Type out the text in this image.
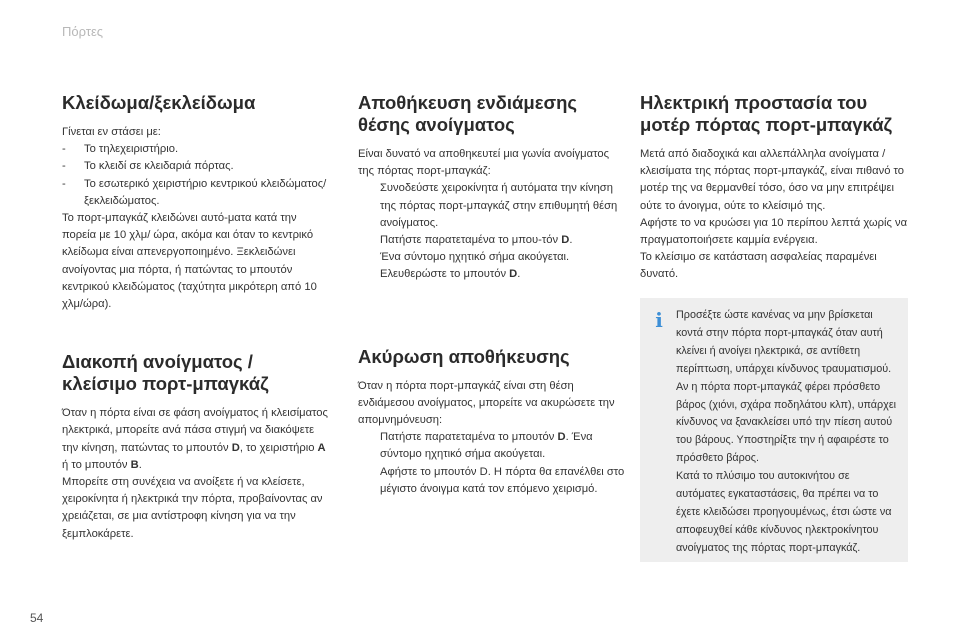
Πόρτες
Κλείδωμα/ξεκλείδωμα

Γίνεται εν στάσει με:

- Το τηλεχειριστήριο.
- Το κλειδί σε κλειδαριά πόρτας.
- Το εσωτερικό χειριστήριο κεντρικού κλειδώματος/ξεκλειδώματος.

Το πορτ-μπαγκάζ κλειδώνει αυτό-ματα κατά την πορεία με 10 χλμ/ ώρα, ακόμα και όταν το κεντρικό κλείδωμα είναι απενεργοποιημένο. Ξεκλειδώνει ανοίγοντας μια πόρτα, ή πατώντας το μπουτόν κεντρικού κλειδώματος (ταχύτητα μικρότερη από 10 χλμ/ώρα).

Διακοπή ανοίγματος / κλείσιμο πορτ-μπαγκάζ

Όταν η πόρτα είναι σε φάση ανοίγματος ή κλεισίματος ηλεκτρικά, μπορείτε ανά πάσα στιγμή να διακόψετε την κίνηση, πατώντας το μπουτόν D, το χειριστήριο A ή το μπουτόν B.

Μπορείτε στη συνέχεια να ανοίξετε ή να κλείσετε, χειροκίνητα ή ηλεκτρικά την πόρτα, προβαίνοντας αν χρειάζεται, σε μια αντίστροφη κίνηση για να την ξεμπλοκάρετε.

Αποθήκευση ενδιάμεσης θέσης ανοίγματος

Είναι δυνατό να αποθηκευτεί μια γωνία ανοίγματος της πόρτας πορτ-μπαγκάζ:

Συνοδεύστε χειροκίνητα ή αυτόματα την κίνηση της πόρτας πορτ-μπαγκάζ στην επιθυμητή θέση ανοίγματος.
Πατήστε παρατεταμένα το μπου-τόν D.
Ένα σύντομο ηχητικό σήμα ακούγεται.
Ελευθερώστε το μπουτόν D.
Ακύρωση αποθήκευσης

Όταν η πόρτα πορτ-μπαγκάζ είναι στη θέση ενδιάμεσου ανοίγματος, μπορείτε να ακυρώσετε την απομνημόνευση:

Πατήστε παρατεταμένα το μπουτόν D. Ένα σύντομο ηχητικό σήμα ακούγεται.
Αφήστε το μπουτόν D. Η πόρτα θα επανέλθει στο μέγιστο άνοιγμα κατά τον επόμενο χειρισμό.
Ηλεκτρική προστασία του μοτέρ πόρτας πορτ-μπαγκάζ

Μετά από διαδοχικά και αλλεπάλληλα ανοίγματα / κλεισίματα της πόρτας πορτ-μπαγκάζ, είναι πιθανό το μοτέρ της να θερμανθεί τόσο, όσο να μην επιτρέψει ούτε το άνοιγμα, ούτε το κλείσιμό της.

Αφήστε το να κρυώσει για 10 περίπου λεπτά χωρίς να πραγματοποιήσετε καμμία ενέργεια.

Το κλείσιμο σε κατάσταση ασφαλείας παραμένει δυνατό.

i Προσέξτε ώστε κανένας να μην βρίσκεται κοντά στην πόρτα πορτ-μπαγκάζ όταν αυτή κλείνει ή ανοίγει ηλεκτρικά, σε αντίθετη περίπτωση, υπάρχει κίνδυνος τραυματισμού.
Αν η πόρτα πορτ-μπαγκάζ φέρει πρόσθετο βάρος (χιόνι, σχάρα ποδηλάτου κλπ), υπάρχει κίνδυνος να ξανακλείσει υπό την πίεση αυτού του βάρους. Υποστηρίξτε την ή αφαιρέστε το πρόσθετο βάρος.
Κατά το πλύσιμο του αυτοκινήτου σε αυτόματες εγκαταστάσεις, θα πρέπει να το έχετε κλειδώσει προηγουμένως, έτσι ώστε να αποφευχθεί κάθε κίνδυνος ηλεκτροκίνητου ανοίγματος της πόρτας πορτ-μπαγκάζ.
54
